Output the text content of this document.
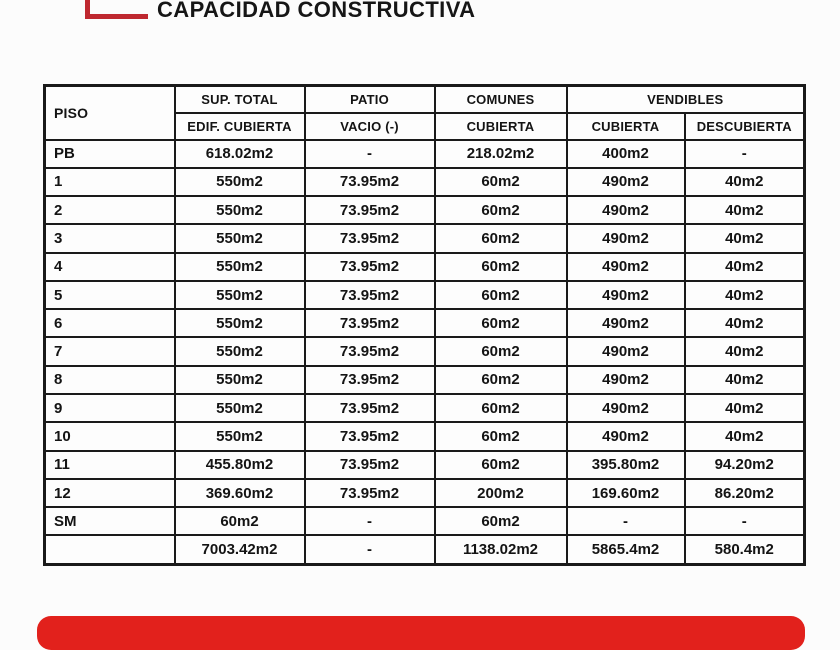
CAPACIDAD CONSTRUCTIVA
PISO	SUP. TOTAL	PATIO	COMUNES	VENDIBLES	
	EDIF. CUBIERTA	VACIO (-)	CUBIERTA	CUBIERTA	DESCUBIERTA
PB	618.02m2	-	218.02m2	400m2	-
1	550m2	73.95m2	60m2	490m2	40m2
2	550m2	73.95m2	60m2	490m2	40m2
3	550m2	73.95m2	60m2	490m2	40m2
4	550m2	73.95m2	60m2	490m2	40m2
5	550m2	73.95m2	60m2	490m2	40m2
6	550m2	73.95m2	60m2	490m2	40m2
7	550m2	73.95m2	60m2	490m2	40m2
8	550m2	73.95m2	60m2	490m2	40m2
9	550m2	73.95m2	60m2	490m2	40m2
10	550m2	73.95m2	60m2	490m2	40m2
11	455.80m2	73.95m2	60m2	395.80m2	94.20m2
12	369.60m2	73.95m2	200m2	169.60m2	86.20m2
SM	60m2	-	60m2	-	-
	7003.42m2	-	1138.02m2	5865.4m2	580.4m2
